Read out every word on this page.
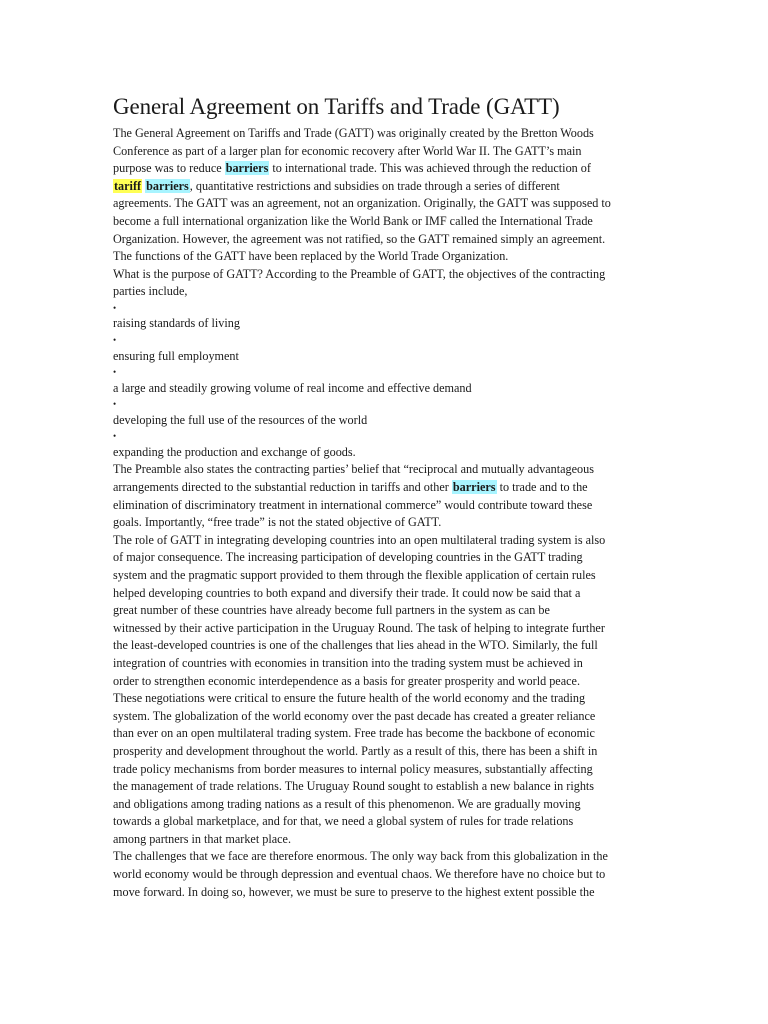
General Agreement on Tariffs and Trade (GATT)
The General Agreement on Tariffs and Trade (GATT) was originally created by the Bretton Woods
Conference as part of a larger plan for economic recovery after World War II. The GATT’s main
purpose was to reduce barriers to international trade. This was achieved through the reduction of
tariff barriers, quantitative restrictions and subsidies on trade through a series of different
agreements. The GATT was an agreement, not an organization. Originally, the GATT was supposed to
become a full international organization like the World Bank or IMF called the International Trade
Organization. However, the agreement was not ratified, so the GATT remained simply an agreement.
The functions of the GATT have been replaced by the World Trade Organization.
What is the purpose of GATT? According to the Preamble of GATT, the objectives of the contracting
parties include,
•
raising standards of living
•
ensuring full employment
•
a large and steadily growing volume of real income and effective demand
•
developing the full use of the resources of the world
•
expanding the production and exchange of goods.
The Preamble also states the contracting parties’ belief that “reciprocal and mutually advantageous
arrangements directed to the substantial reduction in tariffs and other barriers to trade and to the
elimination of discriminatory treatment in international commerce” would contribute toward these
goals. Importantly, “free trade” is not the stated objective of GATT.
The role of GATT in integrating developing countries into an open multilateral trading system is also
of major consequence. The increasing participation of developing countries in the GATT trading
system and the pragmatic support provided to them through the flexible application of certain rules
helped developing countries to both expand and diversify their trade. It could now be said that a
great number of these countries have already become full partners in the system as can be
witnessed by their active participation in the Uruguay Round. The task of helping to integrate further
the least-developed countries is one of the challenges that lies ahead in the WTO. Similarly, the full
integration of countries with economies in transition into the trading system must be achieved in
order to strengthen economic interdependence as a basis for greater prosperity and world peace.
These negotiations were critical to ensure the future health of the world economy and the trading
system. The globalization of the world economy over the past decade has created a greater reliance
than ever on an open multilateral trading system. Free trade has become the backbone of economic
prosperity and development throughout the world. Partly as a result of this, there has been a shift in
trade policy mechanisms from border measures to internal policy measures, substantially affecting
the management of trade relations. The Uruguay Round sought to establish a new balance in rights
and obligations among trading nations as a result of this phenomenon. We are gradually moving
towards a global marketplace, and for that, we need a global system of rules for trade relations
among partners in that market place.
The challenges that we face are therefore enormous. The only way back from this globalization in the
world economy would be through depression and eventual chaos. We therefore have no choice but to
move forward. In doing so, however, we must be sure to preserve to the highest extent possible the
